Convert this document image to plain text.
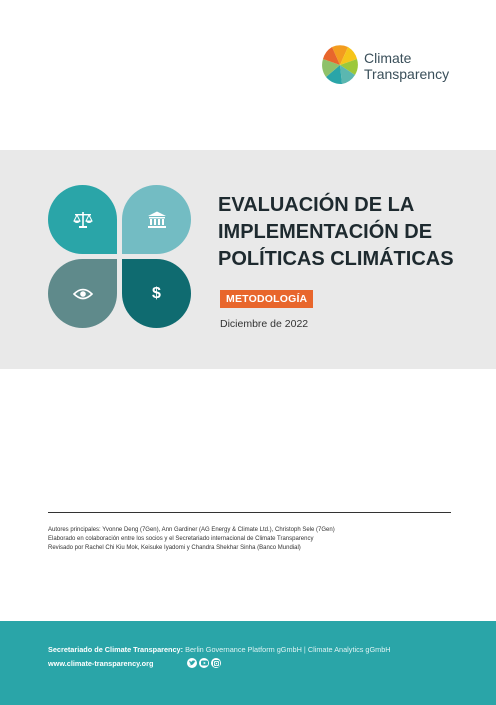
Climate
Transparency
$
EVALUACIÓN DE LA
IMPLEMENTACIÓN DE
POLÍTICAS CLIMÁTICAS
METODOLOGÍA
Diciembre de 2022
Autores principales: Yvonne Deng (7Gen), Ann Gardiner (AG Energy & Climate Ltd.), Christoph Sele (7Gen)
Elaborado en colaboración entre los socios y el Secretariado internacional de Climate Transparency
Revisado por Rachel Chi Kiu Mok, Keisuke Iyadomi y Chandra Shekhar Sinha (Banco Mundial)
Secretariado de Climate Transparency: Berlin Governance Platform gGmbH | Climate Analytics gGmbH
www.climate-transparency.org
